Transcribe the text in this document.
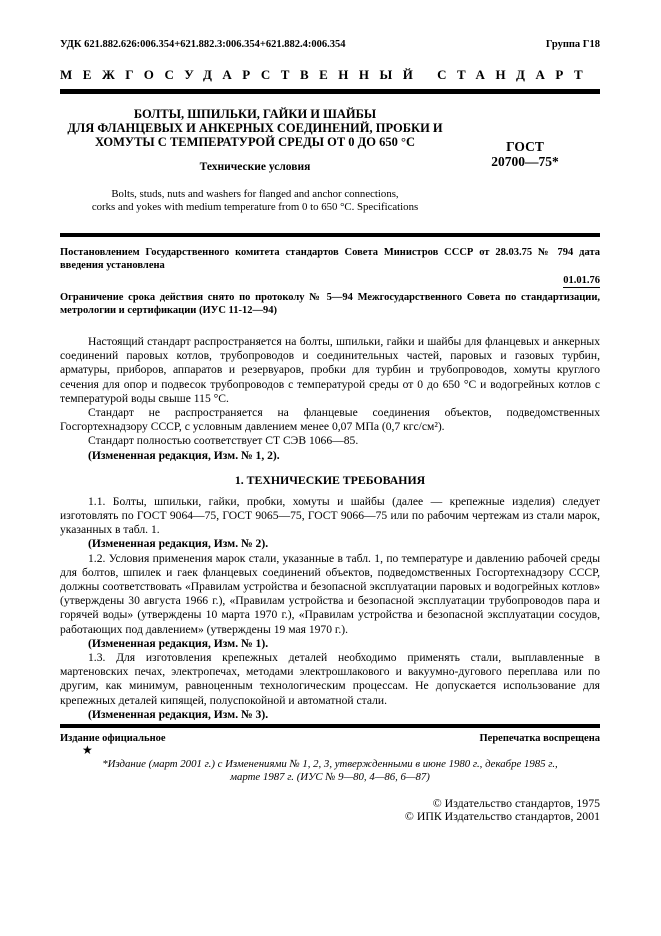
УДК 621.882.626:006.354+621.882.3:006.354+621.882.4:006.354	Группа Г18
МЕЖГОСУДАРСТВЕННЫЙ СТАНДАРТ
БОЛТЫ, ШПИЛЬКИ, ГАЙКИ И ШАЙБЫ
ДЛЯ ФЛАНЦЕВЫХ И АНКЕРНЫХ СОЕДИНЕНИЙ, ПРОБКИ И
ХОМУТЫ С ТЕМПЕРАТУРОЙ СРЕДЫ ОТ 0 ДО 650 °С
Технические условия
Bolts, studs, nuts and washers for flanged and anchor connections,
corks and yokes with medium temperature from 0 to 650 °C. Specifications
ГОСТ
20700—75*

Постановлением Государственного комитета стандартов Совета Министров СССР от 28.03.75 № 794 дата введения установлена

01.01.76

Ограничение срока действия снято по протоколу № 5—94 Межгосударственного Совета по стандартизации, метрологии и сертификации (ИУС 11-12—94)

Настоящий стандарт распространяется на болты, шпильки, гайки и шайбы для фланцевых и анкерных соединений паровых котлов, трубопроводов и соединительных частей, паровых и газовых турбин, арматуры, приборов, аппаратов и резервуаров, пробки для турбин и трубопроводов, хомуты круглого сечения для опор и подвесок трубопроводов с температурой среды от 0 до 650 °С и водогрейных котлов с температурой воды свыше 115 °С.

Стандарт не распространяется на фланцевые соединения объектов, подведомственных Госгортехнадзору СССР, с условным давлением менее 0,07 МПа (0,7 кгс/см²).

Стандарт полностью соответствует СТ СЭВ 1066—85.

(Измененная редакция, Изм. № 1, 2).

1. ТЕХНИЧЕСКИЕ ТРЕБОВАНИЯ

1.1. Болты, шпильки, гайки, пробки, хомуты и шайбы (далее — крепежные изделия) следует изготовлять по ГОСТ 9064—75, ГОСТ 9065—75, ГОСТ 9066—75 или по рабочим чертежам из стали марок, указанных в табл. 1.

(Измененная редакция, Изм. № 2).

1.2. Условия применения марок стали, указанные в табл. 1, по температуре и давлению рабочей среды для болтов, шпилек и гаек фланцевых соединений объектов, подведомственных Госгортехнадзору СССР, должны соответствовать «Правилам устройства и безопасной эксплуатации паровых и водогрейных котлов» (утверждены 30 августа 1966 г.), «Правилам устройства и безопасной эксплуатации трубопроводов пара и горячей воды» (утверждены 10 марта 1970 г.), «Правилам устройства и безопасной эксплуатации сосудов, работающих под давлением» (утверждены 19 мая 1970 г.).

(Измененная редакция, Изм. № 1).

1.3. Для изготовления крепежных деталей необходимо применять стали, выплавленные в мартеновских печах, электропечах, методами электрошлакового и вакуумно-дугового переплава или по другим, как минимум, равноценным технологическим процессам. Не допускается использование для крепежных деталей кипящей, полуспокойной и автоматной стали.

(Измененная редакция, Изм. № 3).

Издание официальное	Перепечатка воспрещена
★
*Издание (март 2001 г.) с Изменениями № 1, 2, 3, утвержденными в июне 1980 г., декабре 1985 г., марте 1987 г. (ИУС № 9—80, 4—86, 6—87)
© Издательство стандартов, 1975
© ИПК Издательство стандартов, 2001
